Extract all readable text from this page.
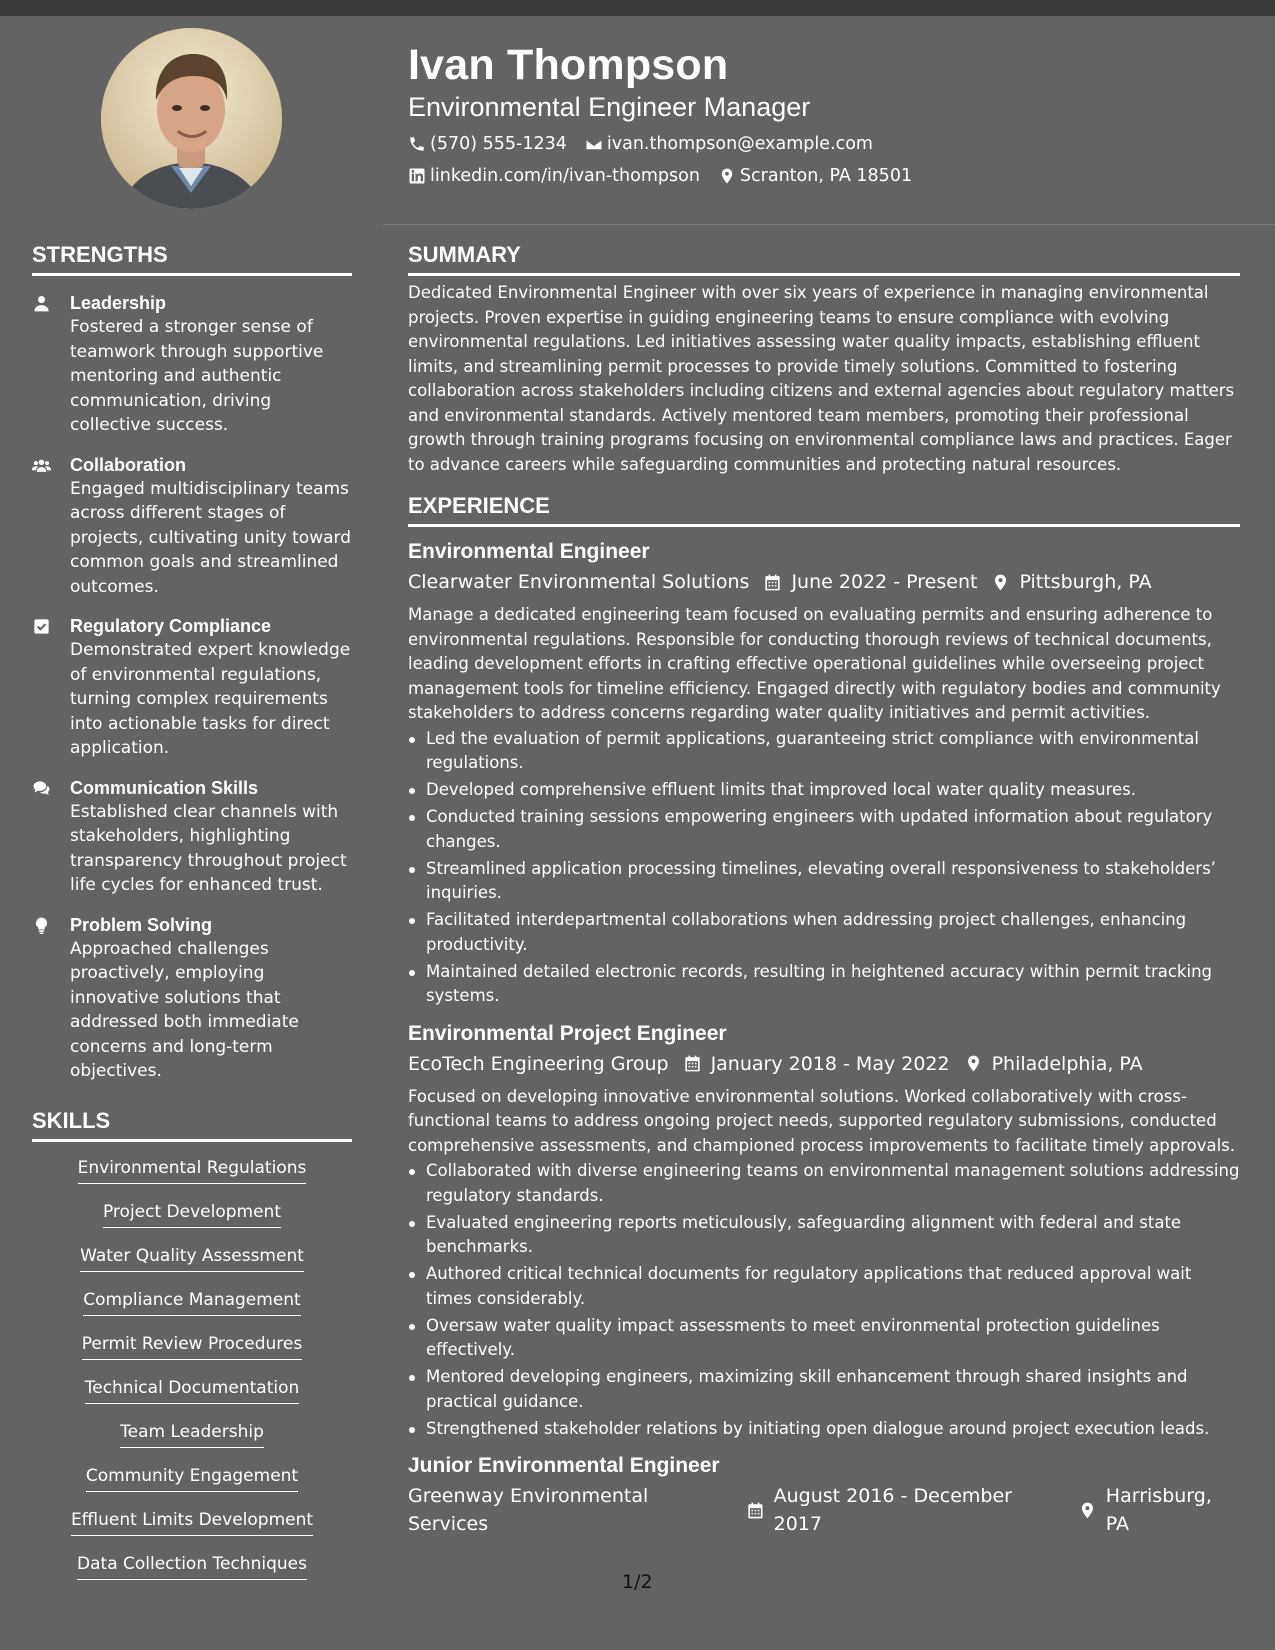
Ivan Thompson
Environmental Engineer Manager
(570) 555-1234 ivan.thompson@example.com
linkedin.com/in/ivan-thompson Scranton, PA 18501
STRENGTHS
Leadership
Fostered a stronger sense of teamwork through supportive mentoring and authentic communication, driving collective success.
Collaboration
Engaged multidisciplinary teams across different stages of projects, cultivating unity toward common goals and streamlined outcomes.
Regulatory Compliance
Demonstrated expert knowledge of environmental regulations, turning complex requirements into actionable tasks for direct application.
Communication Skills
Established clear channels with stakeholders, highlighting transparency throughout project life cycles for enhanced trust.
Problem Solving
Approached challenges proactively, employing innovative solutions that addressed both immediate concerns and long-term objectives.
SKILLS
Environmental Regulations
Project Development
Water Quality Assessment
Compliance Management
Permit Review Procedures
Technical Documentation
Team Leadership
Community Engagement
Effluent Limits Development
Data Collection Techniques
SUMMARY
Dedicated Environmental Engineer with over six years of experience in managing environmental projects. Proven expertise in guiding engineering teams to ensure compliance with evolving environmental regulations. Led initiatives assessing water quality impacts, establishing effluent limits, and streamlining permit processes to provide timely solutions. Committed to fostering collaboration across stakeholders including citizens and external agencies about regulatory matters and environmental standards. Actively mentored team members, promoting their professional growth through training programs focusing on environmental compliance laws and practices. Eager to advance careers while safeguarding communities and protecting natural resources.
EXPERIENCE
Environmental Engineer
Clearwater Environmental Solutions June 2022 - Present Pittsburgh, PA
Manage a dedicated engineering team focused on evaluating permits and ensuring adherence to environmental regulations. Responsible for conducting thorough reviews of technical documents, leading development efforts in crafting effective operational guidelines while overseeing project management tools for timeline efficiency. Engaged directly with regulatory bodies and community stakeholders to address concerns regarding water quality initiatives and permit activities.
Led the evaluation of permit applications, guaranteeing strict compliance with environmental regulations.
Developed comprehensive effluent limits that improved local water quality measures.
Conducted training sessions empowering engineers with updated information about regulatory changes.
Streamlined application processing timelines, elevating overall responsiveness to stakeholders’ inquiries.
Facilitated interdepartmental collaborations when addressing project challenges, enhancing productivity.
Maintained detailed electronic records, resulting in heightened accuracy within permit tracking systems.
Environmental Project Engineer
EcoTech Engineering Group January 2018 - May 2022 Philadelphia, PA
Focused on developing innovative environmental solutions. Worked collaboratively with cross-functional teams to address ongoing project needs, supported regulatory submissions, conducted comprehensive assessments, and championed process improvements to facilitate timely approvals.
Collaborated with diverse engineering teams on environmental management solutions addressing regulatory standards.
Evaluated engineering reports meticulously, safeguarding alignment with federal and state benchmarks.
Authored critical technical documents for regulatory applications that reduced approval wait times considerably.
Oversaw water quality impact assessments to meet environmental protection guidelines effectively.
Mentored developing engineers, maximizing skill enhancement through shared insights and practical guidance.
Strengthened stakeholder relations by initiating open dialogue around project execution leads.
Junior Environmental Engineer
Greenway Environmental Services
August 2016 - December 2017
Harrisburg, PA
1/2
